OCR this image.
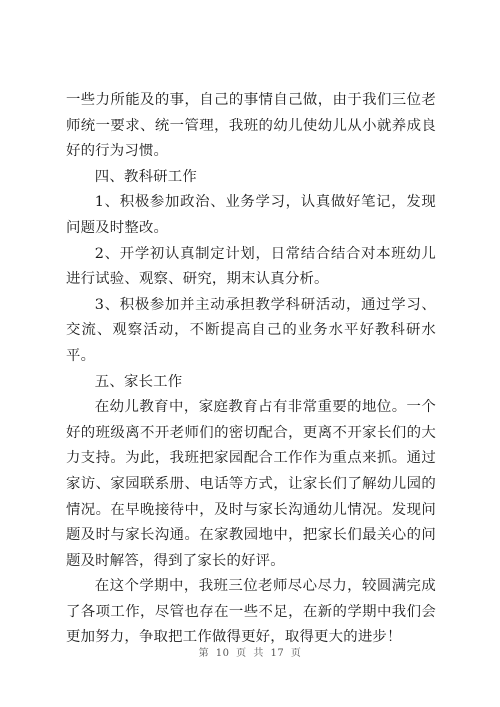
一些力所能及的事，自己的事情自己做，由于我们三位老师统一要求、统一管理，我班的幼儿使幼儿从小就养成良好的行为习惯。

四、教科研工作

1、积极参加政治、业务学习，认真做好笔记，发现问题及时整改。

2、开学初认真制定计划，日常结合结合对本班幼儿进行试验、观察、研究，期末认真分析。

3、积极参加并主动承担教学科研活动，通过学习、交流、观察活动，不断提高自己的业务水平好教科研水平。

五、家长工作

在幼儿教育中，家庭教育占有非常重要的地位。一个好的班级离不开老师们的密切配合，更离不开家长们的大力支持。为此，我班把家园配合工作作为重点来抓。通过家访、家园联系册、电话等方式，让家长们了解幼儿园的情况。在早晚接待中，及时与家长沟通幼儿情况。发现问题及时与家长沟通。在家教园地中，把家长们最关心的问题及时解答，得到了家长的好评。

在这个学期中，我班三位老师尽心尽力，较圆满完成了各项工作，尽管也存在一些不足，在新的学期中我们会更加努力，争取把工作做得更好，取得更大的进步！

第 10 页 共 17 页
